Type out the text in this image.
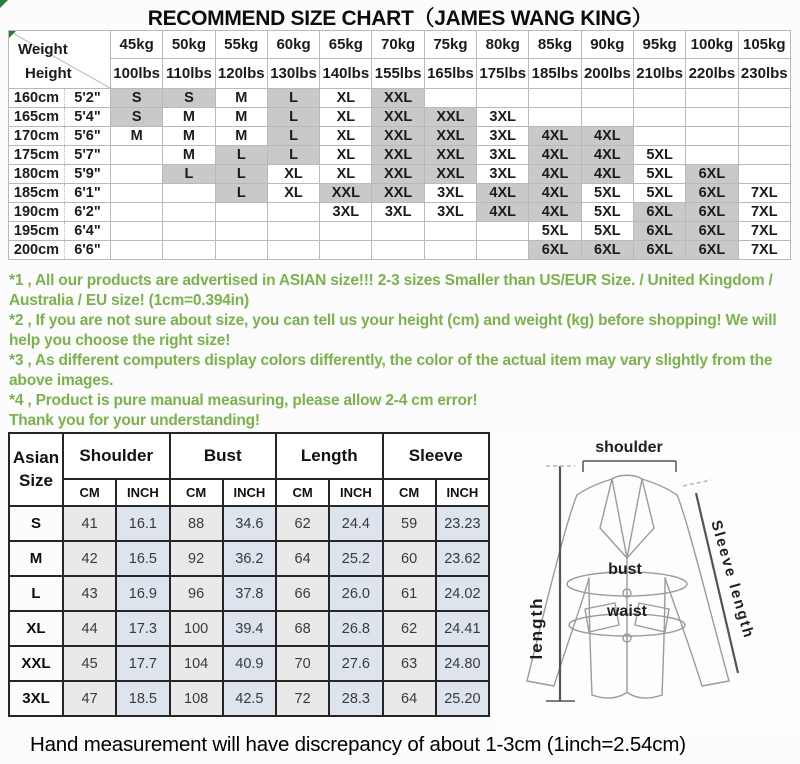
RECOMMEND SIZE CHART（JAMES WANG KING）
Weight
Height		45kg	50kg	55kg	60kg	65kg	70kg	75kg	80kg	85kg	90kg	95kg	100kg	105kg
		100lbs	110lbs	120lbs	130lbs	140lbs	155lbs	165lbs	175lbs	185lbs	200lbs	210lbs	220lbs	230lbs
160cm	5'2"	S	S	M	L	XL	XXL							
165cm	5'4"	S	M	M	L	XL	XXL	XXL	3XL					
170cm	5'6"	M	M	M	L	XL	XXL	XXL	3XL	4XL	4XL			
175cm	5'7"		M	L	L	XL	XXL	XXL	3XL	4XL	4XL	5XL		
180cm	5'9"		L	L	XL	XL	XXL	XXL	3XL	4XL	4XL	5XL	6XL	
185cm	6'1"			L	XL	XXL	XXL	3XL	4XL	4XL	5XL	5XL	6XL	7XL
190cm	6'2"					3XL	3XL	3XL	4XL	4XL	5XL	6XL	6XL	7XL
195cm	6'4"									5XL	5XL	6XL	6XL	7XL
200cm	6'6"									6XL	6XL	6XL	6XL	7XL
*1 , All our products are advertised in ASIAN size!!! 2-3 sizes Smaller than US/EUR Size. / United Kingdom / Australia / EU size! (1cm=0.394in)
*2 , If you are not sure about size, you can tell us your height (cm) and weight (kg) before shopping! We will help you choose the right size!
*3 , As different computers display colors differently, the color of the actual item may vary slightly from the above images.
*4 , Product is pure manual measuring, please allow 2-4 cm error!
Thank you for your understanding!
Asian Size	Shoulder		Bust		Length		Sleeve	
	CM	INCH	CM	INCH	CM	INCH	CM	INCH
S	41	16.1	88	34.6	62	24.4	59	23.23
M	42	16.5	92	36.2	64	25.2	60	23.62
L	43	16.9	96	37.8	66	26.0	61	24.02
XL	44	17.3	100	39.4	68	26.8	62	24.41
XXL	45	17.7	104	40.9	70	27.6	63	24.80
3XL	47	18.5	108	42.5	72	28.3	64	25.20
shoulder
length
bust
waist	Sleeve length
Hand measurement will have discrepancy of about 1-3cm (1inch=2.54cm)
